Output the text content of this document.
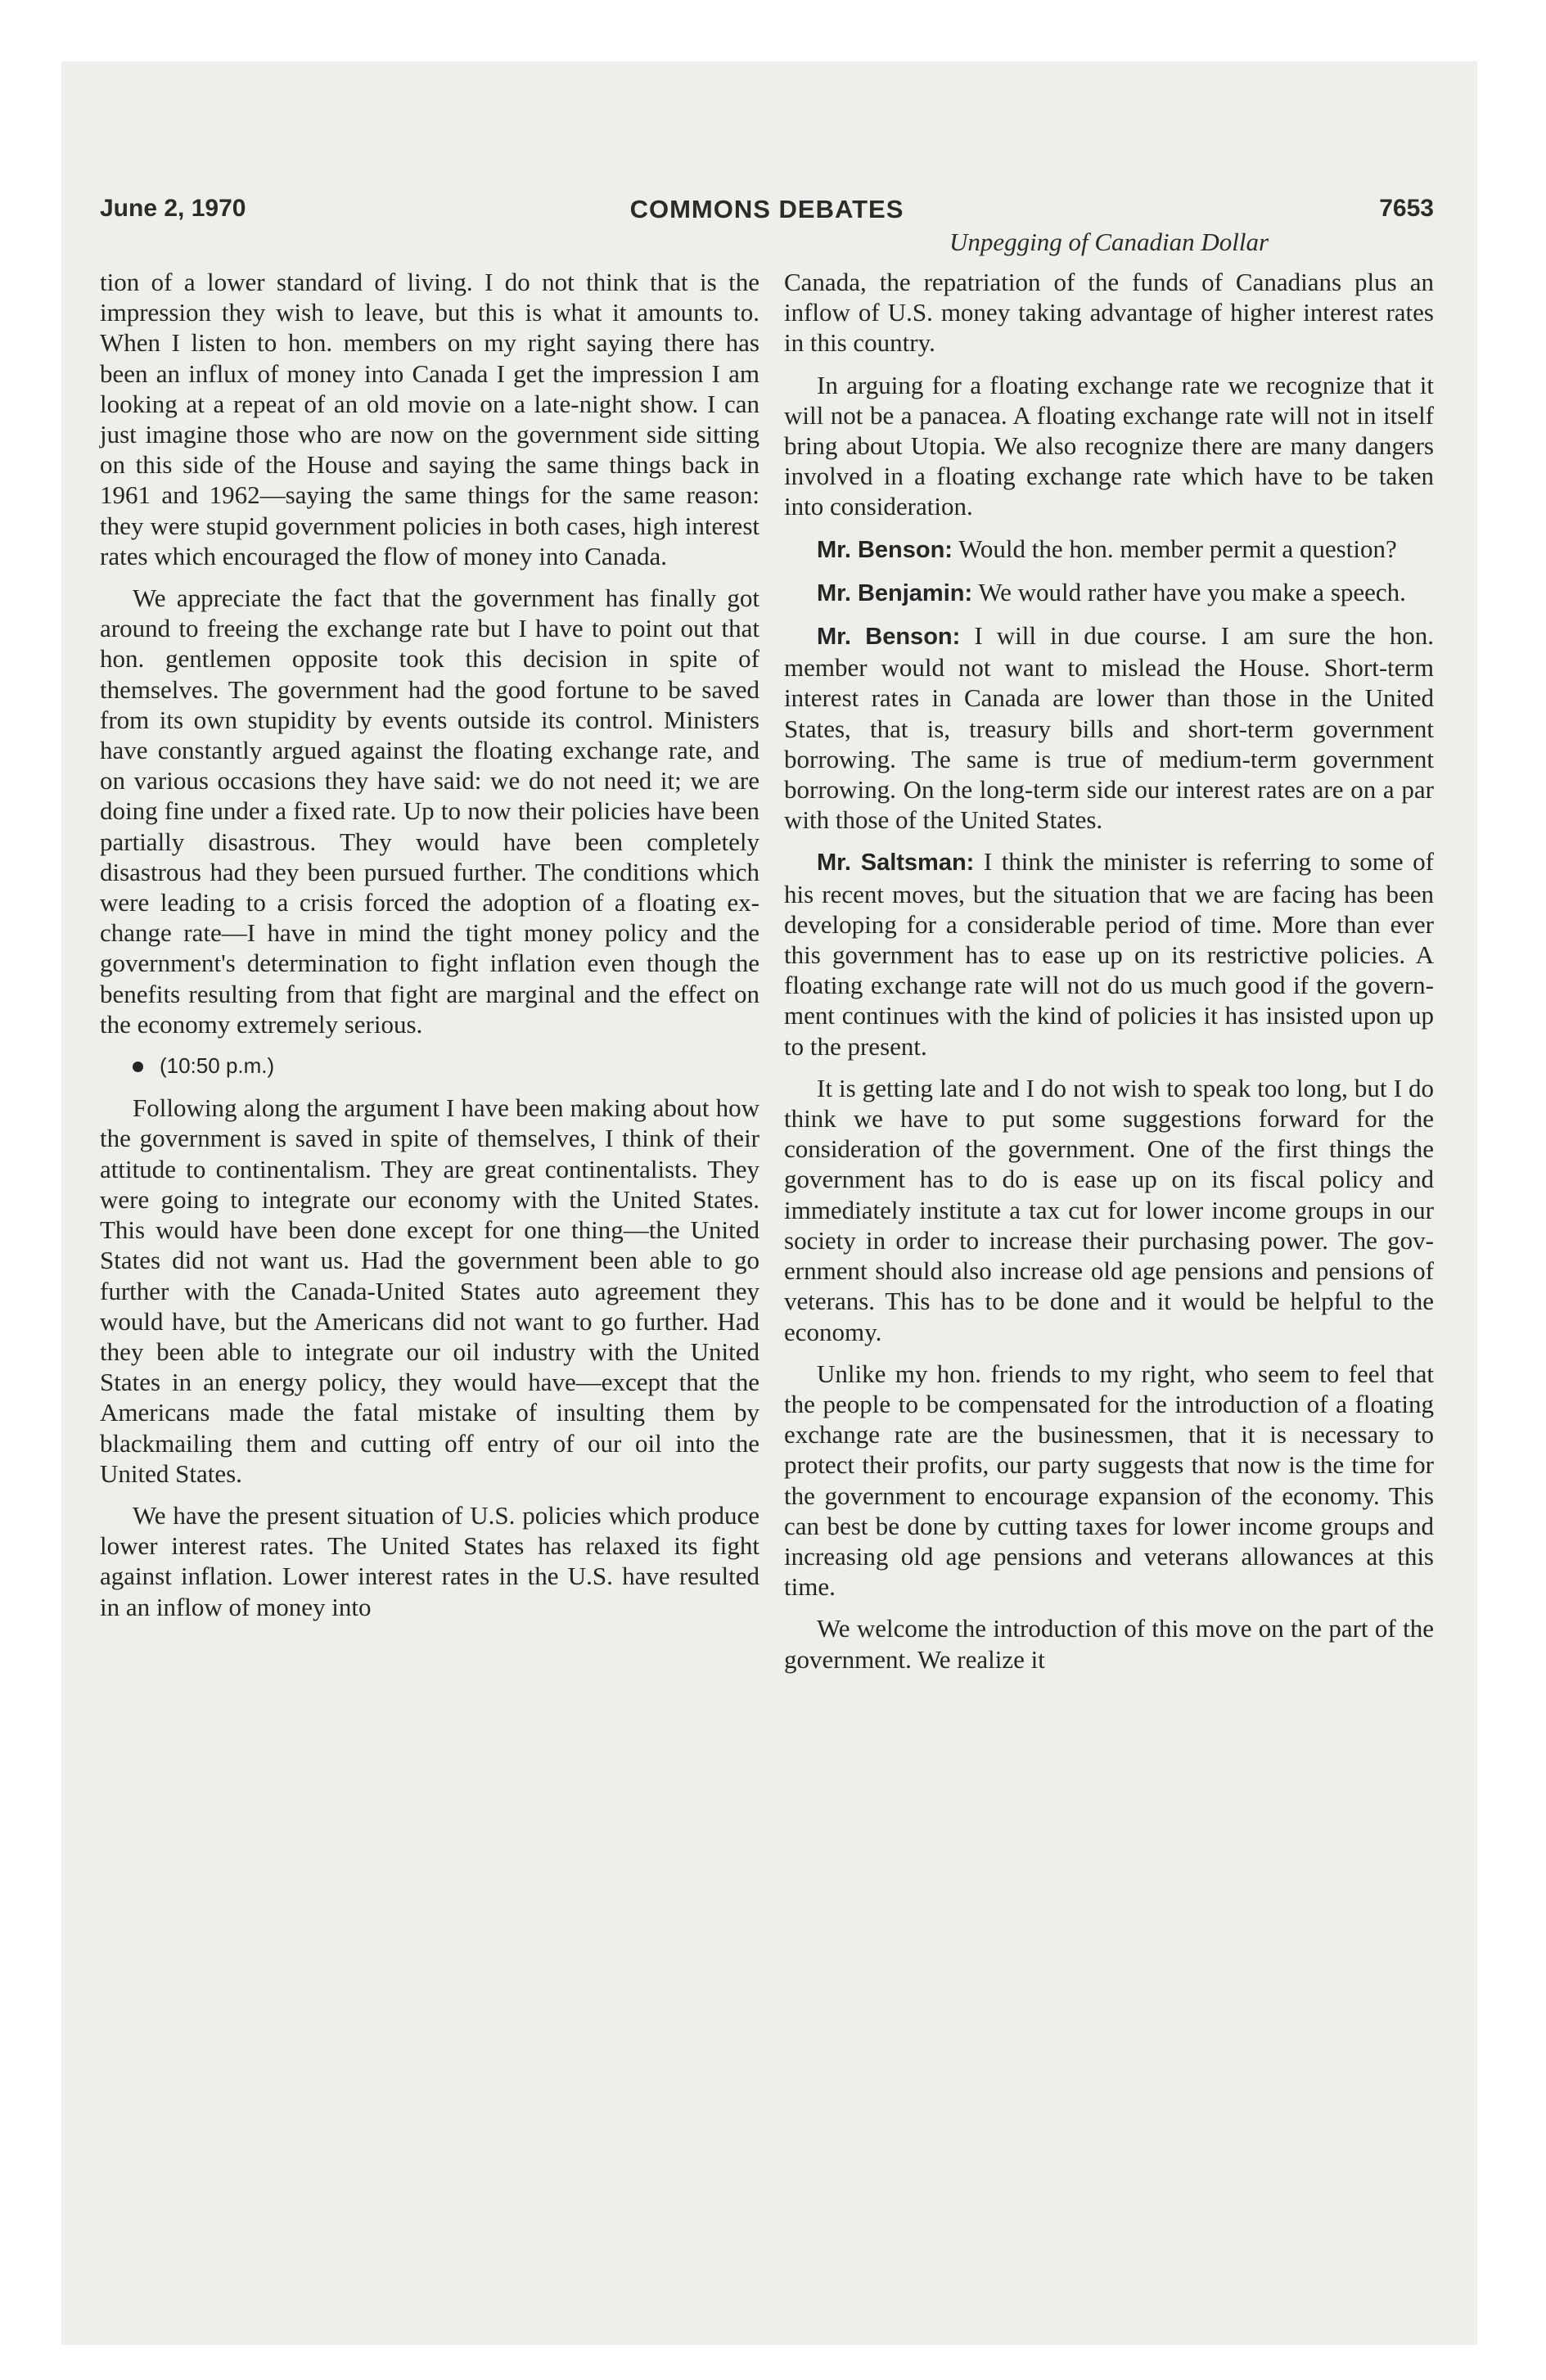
June 2, 1970	COMMONS DEBATES	7653
Unpegging of Canadian Dollar

tion of a lower standard of living. I do not think that is the impression they wish to leave, but this is what it amounts to. When I listen to hon. members on my right saying there has been an influx of money into Canada I get the impression I am looking at a repeat of an old movie on a late-night show. I can just imagine those who are now on the government side sitting on this side of the House and saying the same things back in 1961 and 1962—saying the same things for the same reason: they were stupid government policies in both cases, high interest rates which encouraged the flow of money into Canada.

We appreciate the fact that the government has finally got around to freeing the exchange rate but I have to point out that hon. gentlemen opposite took this decision in spite of themselves. The government had the good fortune to be saved from its own stupidity by events outside its control. Ministers have constantly argued against the floating exchange rate, and on various occasions they have said: we do not need it; we are doing fine under a fixed rate. Up to now their policies have been partially disastrous. They would have been completely disastrous had they been pursued further. The conditions which were leading to a crisis forced the adoption of a floating exchange rate—I have in mind the tight money policy and the government's determination to fight inflation even though the benefits resulting from that fight are marginal and the effect on the economy extremely serious.

(10:50 p.m.)

Following along the argument I have been making about how the government is saved in spite of themselves, I think of their attitude to continentalism. They are great continentalists. They were going to integrate our economy with the United States. This would have been done except for one thing—the United States did not want us. Had the government been able to go further with the Canada-United States auto agreement they would have, but the Americans did not want to go further. Had they been able to integrate our oil industry with the United States in an energy policy, they would have—except that the Americans made the fatal mistake of insulting them by blackmailing them and cutting off entry of our oil into the United States.

We have the present situation of U.S. policies which produce lower interest rates. The United States has relaxed its fight against inflation. Lower interest rates in the U.S. have resulted in an inflow of money into

Canada, the repatriation of the funds of Canadians plus an inflow of U.S. money taking advantage of higher interest rates in this country.

In arguing for a floating exchange rate we recognize that it will not be a panacea. A floating exchange rate will not in itself bring about Utopia. We also recognize there are many dangers involved in a floating exchange rate which have to be taken into consideration.

Mr. Benson: Would the hon. member permit a question?

Mr. Benjamin: We would rather have you make a speech.

Mr. Benson: I will in due course. I am sure the hon. member would not want to mislead the House. Short-term interest rates in Canada are lower than those in the United States, that is, treasury bills and short-term government borrowing. The same is true of medium-term government borrowing. On the long-term side our interest rates are on a par with those of the United States.

Mr. Saltsman: I think the minister is referring to some of his recent moves, but the situation that we are facing has been developing for a considerable period of time. More than ever this government has to ease up on its restrictive policies. A floating exchange rate will not do us much good if the government continues with the kind of policies it has insisted upon up to the present.

It is getting late and I do not wish to speak too long, but I do think we have to put some suggestions forward for the consideration of the government. One of the first things the government has to do is ease up on its fiscal policy and immediately institute a tax cut for lower income groups in our society in order to increase their purchasing power. The government should also increase old age pensions and pensions of veterans. This has to be done and it would be helpful to the economy.

Unlike my hon. friends to my right, who seem to feel that the people to be compensated for the introduction of a floating exchange rate are the businessmen, that it is necessary to protect their profits, our party suggests that now is the time for the government to encourage expansion of the economy. This can best be done by cutting taxes for lower income groups and increasing old age pensions and veterans allowances at this time.

We welcome the introduction of this move on the part of the government. We realize it
